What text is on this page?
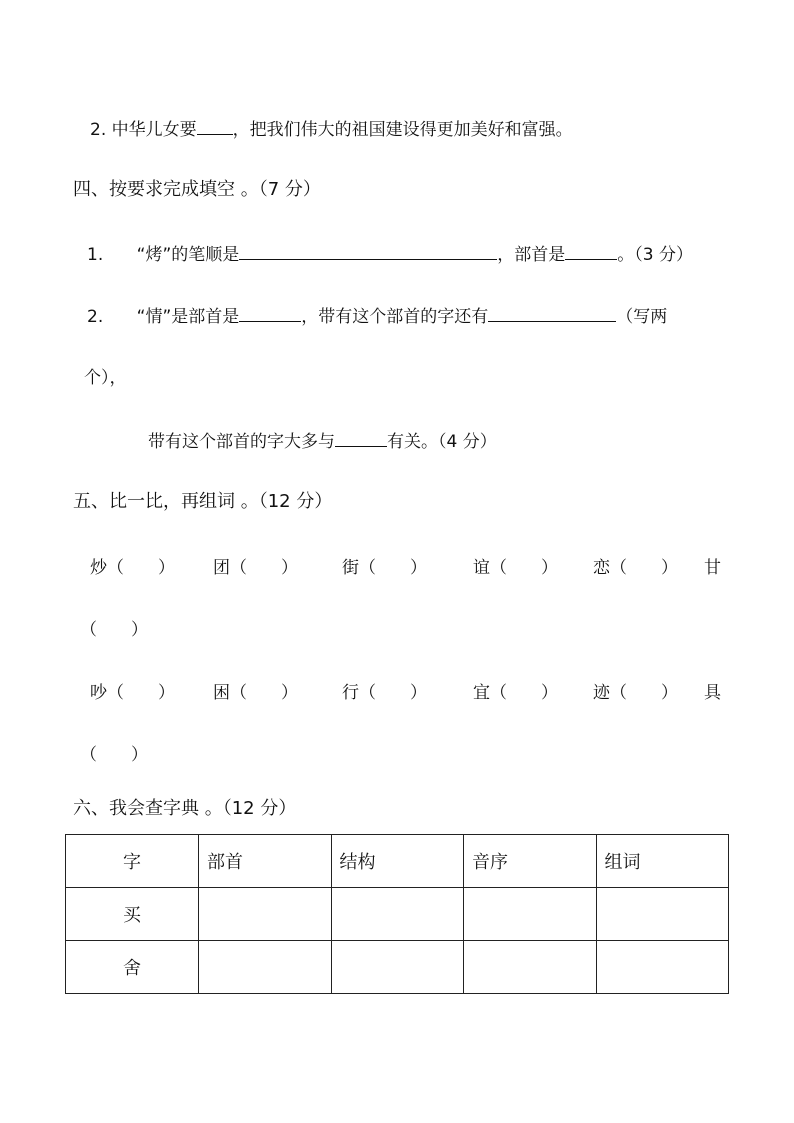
2. 中华儿女要 ，把我们伟大的祖国建设得更加美好和富强。
四、按要求完成填空 。（7 分）
1. “烤”的笔顺是	，部首是	。（3 分）
2. “情”是部首是	，带有这个部首的字还有	（写两
个），
带有这个部首的字大多与	有关。（4 分）
五、比一比，再组词 。（12 分）
炒（　　） 团（　　）	街（　　）	谊（　　） 恋（　　） 甘
（　　）
吵（　　） 困（　　）	行（　　）	宜（　　） 迹（　　） 具
（　　）
六、我会查字典 。（12 分）
字	部首	结构	音序	组词
买				
舍				
